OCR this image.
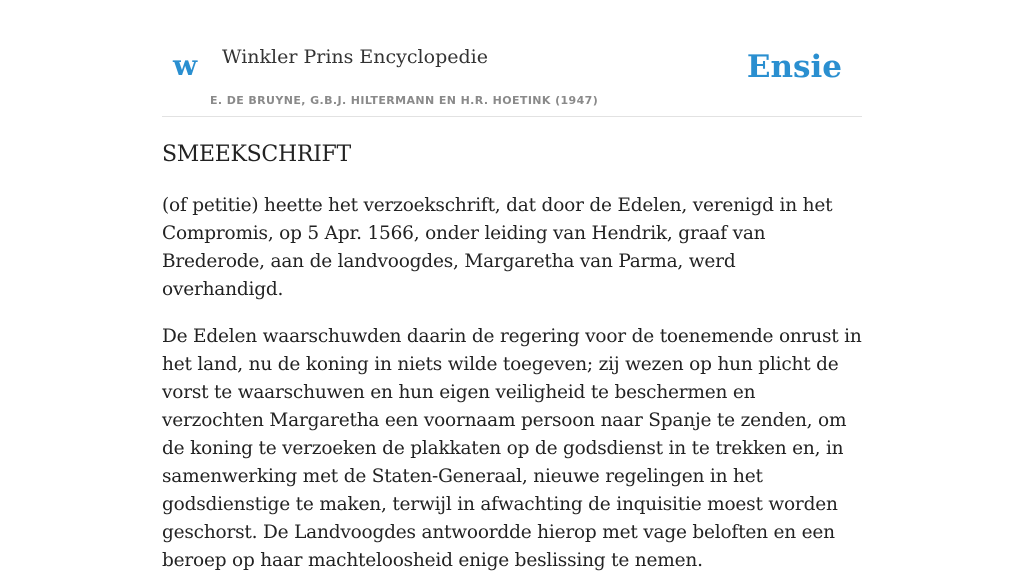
w Winkler Prins Encyclopedie
E. DE BRUYNE, G.B.J. HILTERMANN EN H.R. HOETINK (1947)
Ensie
SMEEKSCHRIFT

(of petitie) heette het verzoekschrift, dat door de Edelen, verenigd in het Compromis, op 5 Apr. 1566, onder leiding van Hendrik, graaf van Brederode, aan de landvoogdes, Margaretha van Parma, werd overhandigd.

De Edelen waarschuwden daarin de regering voor de toenemende onrust in het land, nu de koning in niets wilde toegeven; zij wezen op hun plicht de vorst te waarschuwen en hun eigen veiligheid te beschermen en verzochten Margaretha een voornaam persoon naar Spanje te zenden, om de koning te verzoeken de plakkaten op de godsdienst in te trekken en, in samenwerking met de Staten-Generaal, nieuwe regelingen in het godsdienstige te maken, terwijl in afwachting de inquisitie moest worden geschorst. De Landvoogdes antwoordde hierop met vage beloften en een beroep op haar machteloosheid enige beslissing te nemen.
